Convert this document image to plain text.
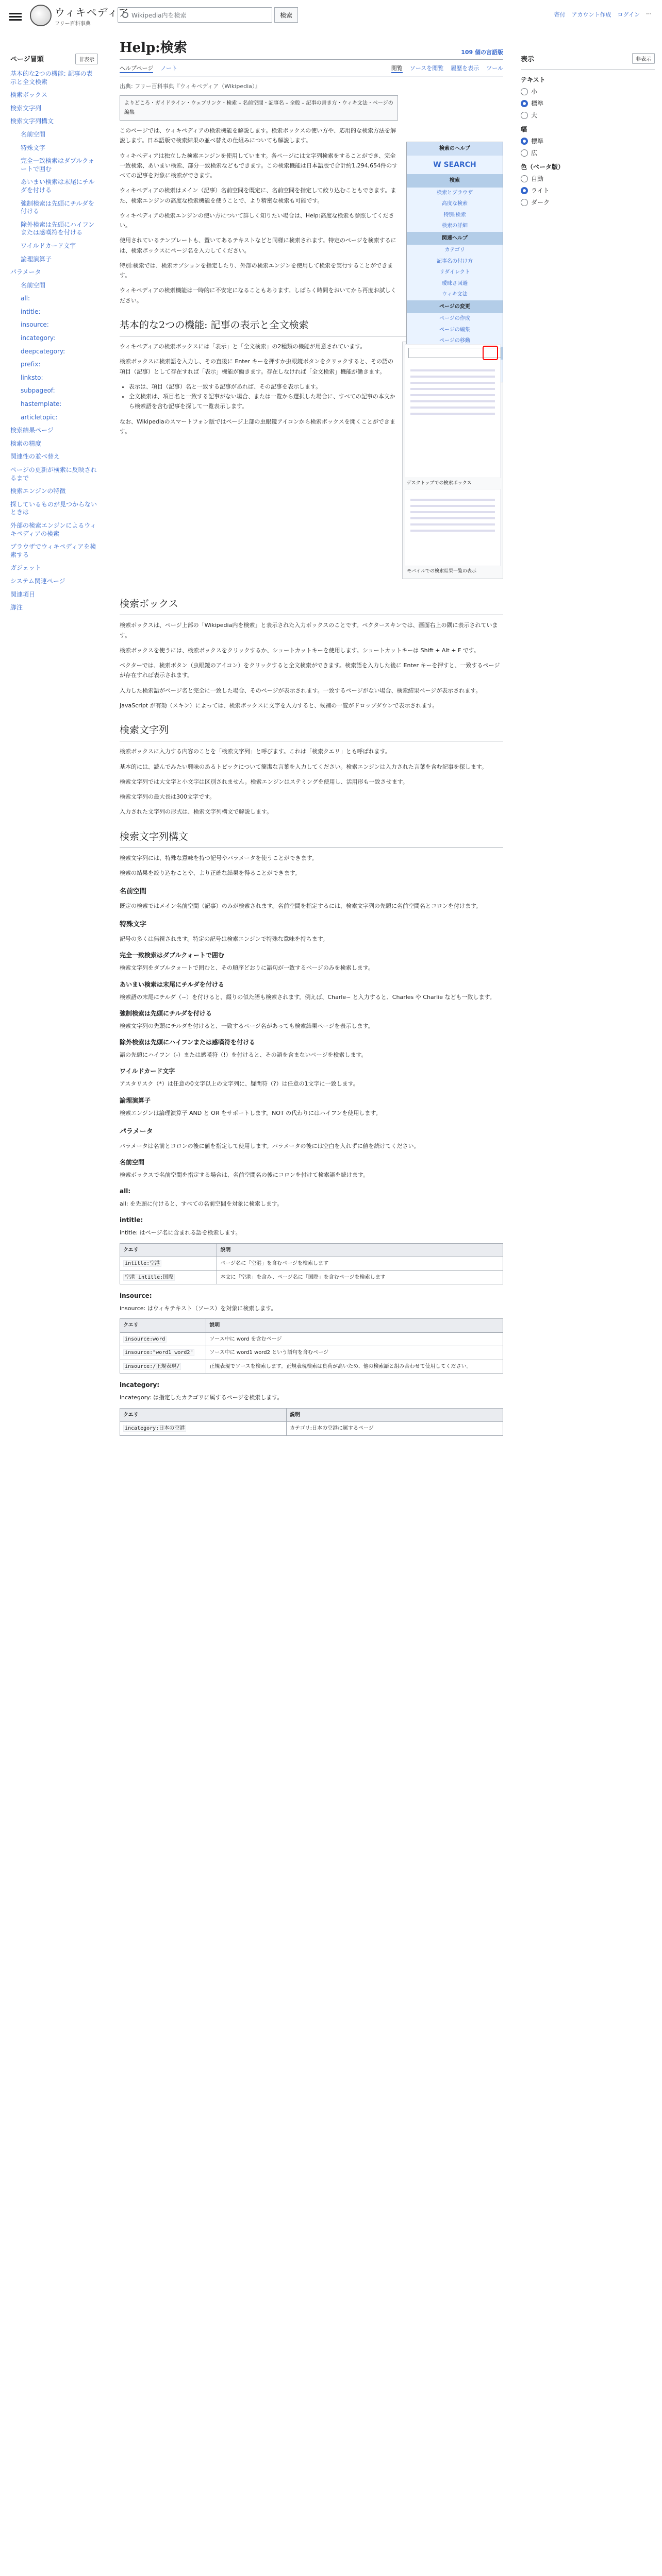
ウィキペディア
フリー百科事典
Wikipedia内を検索	検索	寄付 アカウント作成 ログイン ⋯
ページ冒頭	非表示
基本的な2つの機能: 記事の表示と全文検索
検索ボックス
検索文字列
検索文字列構文
名前空間
特殊文字
完全一致検索はダブルクォートで囲む
あいまい検索は末尾にチルダを付ける
強制検索は先頭にチルダを付ける
除外検索は先頭にハイフンまたは感嘆符を付ける
ワイルドカード文字
論理演算子
パラメータ
名前空間
all:
intitle:
insource:
incategory:
deepcategory:
prefix:
linksto:
subpageof:
hastemplate:
articletopic:
検索結果ページ
検索の精度
関連性の並べ替え
ページの更新が検索に反映されるまで
検索エンジンの特徴
探しているものが見つからないときは
外部の検索エンジンによるウィキペディアの検索
ブラウザでウィキペディアを検索する
ガジェット
システム関連ページ
関連項目
脚注
Help:検索	109 個の言語版
ヘルプページ ノート	閲覧 ソースを閲覧 履歴を表示 ツール
出典: フリー百科事典『ウィキペディア（Wikipedia）』
検索のヘルプ
W SEARCH
検索
検索とブラウザ
高度な検索
特別:検索
検索の詳細
関連ヘルプ
カテゴリ
記事名の付け方
リダイレクト
曖昧さ回避
ウィキ文法
ページの変更
ページの作成
ページの編集
ページの移動
よりどころ・ガイドライン・ウェブリンク・検索 – 名前空間・記事名 – 全般 – 記事の書き方・ウィキ文法・ページの編集

このページでは、ウィキペディアの検索機能を解説します。検索ボックスの使い方や、応用的な検索方法を解説します。日本語版で検索結果の並べ替えの仕組みについても解説します。

ウィキペディアは独立した検索エンジンを使用しています。各ページには文字列検索をすることができ、完全一致検索、あいまい検索、部分一致検索などもできます。この検索機能は日本語版で合計約1,294,654件のすべての記事を対象に検索ができます。

ウィキペディアの検索はメイン（記事）名前空間を既定に、名前空間を指定して絞り込むこともできます。また、検索エンジンの高度な検索機能を使うことで、より精密な検索も可能です。

ウィキペディアの検索エンジンの使い方について詳しく知りたい場合は、Help:高度な検索も参照してください。

使用されているテンプレートも、置いてあるテキストなどと同様に検索されます。特定のページを検索するには、検索ボックスにページ名を入力してください。

特別:検索では、検索オプションを指定したり、外部の検索エンジンを使用して検索を実行することができます。

ウィキペディアの検索機能は一時的に不安定になることもあります。しばらく時間をおいてから再度お試しください。

基本的な2つの機能: 記事の表示と全文検索
デスクトップでの検索ボックス
モバイルでの検索結果一覧の表示

ウィキペディアの検索ボックスには「表示」と「全文検索」の2種類の機能が用意されています。

検索ボックスに検索語を入力し、その直後に Enter キーを押すか虫眼鏡ボタンをクリックすると、その語の項目（記事）として存在すれば「表示」機能が働きます。存在しなければ「全文検索」機能が働きます。

• 表示は、項目（記事）名と一致する記事があれば、その記事を表示します。
• 全文検索は、項目名と一致する記事がない場合、または一覧から選択した場合に、すべての記事の本文から検索語を含む記事を探して一覧表示します。

なお、Wikipediaのスマートフォン版ではページ上部の虫眼鏡アイコンから検索ボックスを開くことができます。

検索ボックス

検索ボックスは、ページ上部の「Wikipedia内を検索」と表示された入力ボックスのことです。ベクタースキンでは、画面右上の隅に表示されています。

検索ボックスを使うには、検索ボックスをクリックするか、ショートカットキーを使用します。ショートカットキーは Shift + Alt + F です。

ベクターでは、検索ボタン（虫眼鏡のアイコン）をクリックすると全文検索ができます。検索語を入力した後に Enter キーを押すと、一致するページが存在すれば表示されます。

入力した検索語がページ名と完全に一致した場合、そのページが表示されます。一致するページがない場合、検索結果ページが表示されます。

JavaScript が有効（スキン）によっては、検索ボックスに文字を入力すると、候補の一覧がドロップダウンで表示されます。

検索文字列

検索ボックスに入力する内容のことを「検索文字列」と呼びます。これは「検索クエリ」とも呼ばれます。

基本的には、読んでみたい興味のあるトピックについて簡潔な言葉を入力してください。検索エンジンは入力された言葉を含む記事を探します。

検索文字列では大文字と小文字は区別されません。検索エンジンはステミングを使用し、活用形も一致させます。

検索文字列の最大長は300文字です。

入力された文字列の形式は、検索文字列構文で解説します。

検索文字列構文

検索文字列には、特殊な意味を持つ記号やパラメータを使うことができます。

検索の結果を絞り込むことや、より正確な結果を得ることができます。

名前空間

既定の検索ではメイン名前空間（記事）のみが検索されます。名前空間を指定するには、検索文字列の先頭に名前空間名とコロンを付けます。

特殊文字

記号の多くは無視されます。特定の記号は検索エンジンで特殊な意味を持ちます。

完全一致検索はダブルクォートで囲む

検索文字列をダブルクォートで囲むと、その順序どおりに語句が一致するページのみを検索します。

あいまい検索は末尾にチルダを付ける

検索語の末尾にチルダ（~）を付けると、綴りの似た語も検索されます。例えば、Charle~ と入力すると、Charles や Charlie なども一致します。

強制検索は先頭にチルダを付ける

検索文字列の先頭にチルダを付けると、一致するページ名があっても検索結果ページを表示します。

除外検索は先頭にハイフンまたは感嘆符を付ける

語の先頭にハイフン（-）または感嘆符（!）を付けると、その語を含まないページを検索します。

ワイルドカード文字

アスタリスク（*）は任意の0文字以上の文字列に、疑問符（?）は任意の1文字に一致します。

論理演算子

検索エンジンは論理演算子 AND と OR をサポートします。NOT の代わりにはハイフンを使用します。

パラメータ

パラメータは名前とコロンの後に値を指定して使用します。パラメータの後には空白を入れずに値を続けてください。

名前空間

検索ボックスで名前空間を指定する場合は、名前空間名の後にコロンを付けて検索語を続けます。

all:

all: を先頭に付けると、すべての名前空間を対象に検索します。

intitle:

intitle: はページ名に含まれる語を検索します。

クエリ	説明
intitle:空港	ページ名に「空港」を含むページを検索します
空港 intitle:国際	本文に「空港」を含み、ページ名に「国際」を含むページを検索します
insource:

insource: はウィキテキスト（ソース）を対象に検索します。

クエリ	説明
insource:word	ソース中に word を含むページ
insource:"word1 word2"	ソース中に word1 word2 という語句を含むページ
insource:/正規表現/	正規表現でソースを検索します。正規表現検索は負荷が高いため、他の検索語と組み合わせて使用してください。
incategory:

incategory: は指定したカテゴリに属するページを検索します。

クエリ	説明
incategory:日本の空港	カテゴリ:日本の空港に属するページ
表示	非表示
テキスト
小
標準
大
幅
標準
広
色（ベータ版）
自動
ライト
ダーク
